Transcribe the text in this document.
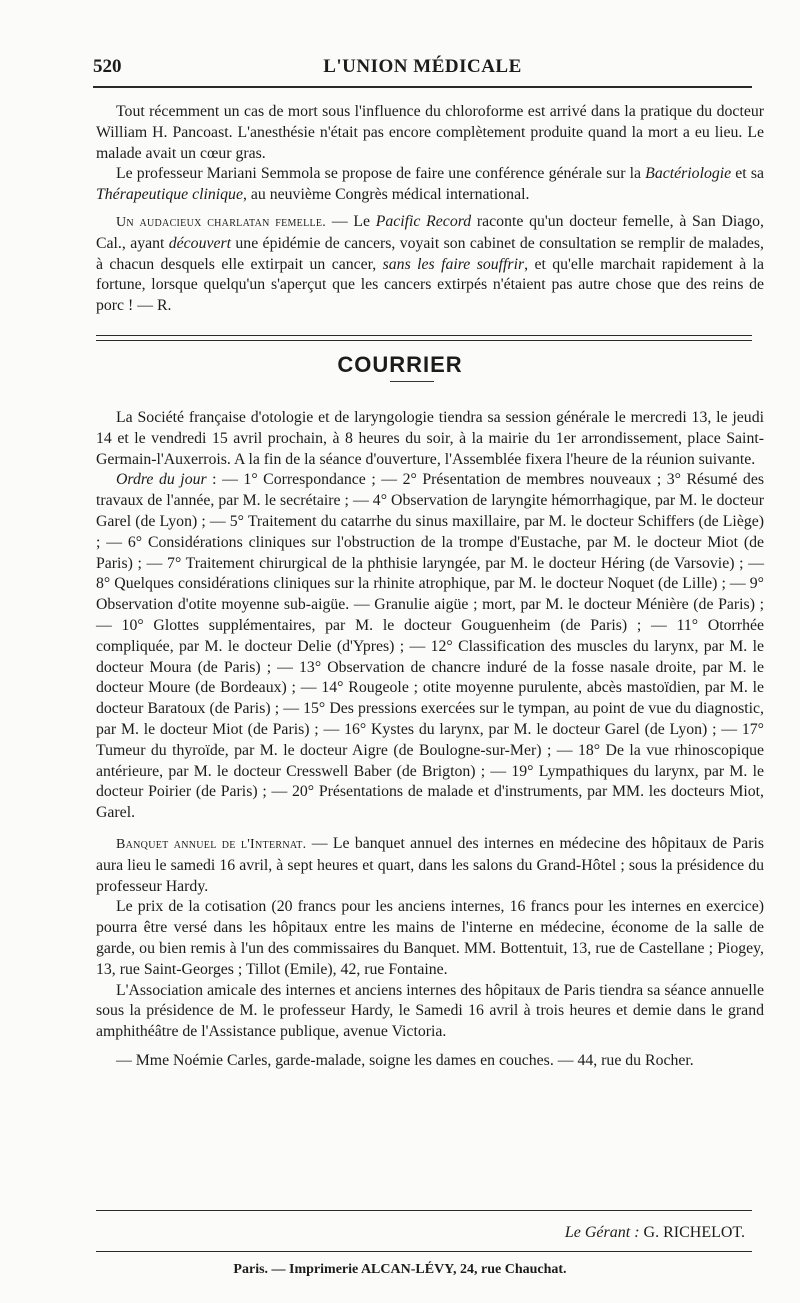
520	L'UNION MÉDICALE

Tout récemment un cas de mort sous l'influence du chloroforme est arrivé dans la pratique du docteur William H. Pancoast. L'anesthésie n'était pas encore complètement produite quand la mort a eu lieu. Le malade avait un cœur gras.

Le professeur Mariani Semmola se propose de faire une conférence générale sur la Bactériologie et sa Thérapeutique clinique, au neuvième Congrès médical international.

Un audacieux charlatan femelle. — Le Pacific Record raconte qu'un docteur femelle, à San Diago, Cal., ayant découvert une épidémie de cancers, voyait son cabinet de consultation se remplir de malades, à chacun desquels elle extirpait un cancer, sans les faire souffrir, et qu'elle marchait rapidement à la fortune, lorsque quelqu'un s'aperçut que les cancers extirpés n'étaient pas autre chose que des reins de porc ! — R.

COURRIER

La Société française d'otologie et de laryngologie tiendra sa session générale le mercredi 13, le jeudi 14 et le vendredi 15 avril prochain, à 8 heures du soir, à la mairie du 1er arrondissement, place Saint-Germain-l'Auxerrois. A la fin de la séance d'ouverture, l'Assemblée fixera l'heure de la réunion suivante.

Ordre du jour : — 1° Correspondance ; — 2° Présentation de membres nouveaux ; 3° Résumé des travaux de l'année, par M. le secrétaire ; — 4° Observation de laryngite hémorrhagique, par M. le docteur Garel (de Lyon) ; — 5° Traitement du catarrhe du sinus maxillaire, par M. le docteur Schiffers (de Liège) ; — 6° Considérations cliniques sur l'obstruction de la trompe d'Eustache, par M. le docteur Miot (de Paris) ; — 7° Traitement chirurgical de la phthisie laryngée, par M. le docteur Héring (de Varsovie) ; — 8° Quelques considérations cliniques sur la rhinite atrophique, par M. le docteur Noquet (de Lille) ; — 9° Observation d'otite moyenne sub-aigüe. — Granulie aigüe ; mort, par M. le docteur Ménière (de Paris) ; — 10° Glottes supplémentaires, par M. le docteur Gouguenheim (de Paris) ; — 11° Otorrhée compliquée, par M. le docteur Delie (d'Ypres) ; — 12° Classification des muscles du larynx, par M. le docteur Moura (de Paris) ; — 13° Observation de chancre induré de la fosse nasale droite, par M. le docteur Moure (de Bordeaux) ; — 14° Rougeole ; otite moyenne purulente, abcès mastoïdien, par M. le docteur Baratoux (de Paris) ; — 15° Des pressions exercées sur le tympan, au point de vue du diagnostic, par M. le docteur Miot (de Paris) ; — 16° Kystes du larynx, par M. le docteur Garel (de Lyon) ; — 17° Tumeur du thyroïde, par M. le docteur Aigre (de Boulogne-sur-Mer) ; — 18° De la vue rhinoscopique antérieure, par M. le docteur Cresswell Baber (de Brigton) ; — 19° Lympathiques du larynx, par M. le docteur Poirier (de Paris) ; — 20° Présentations de malade et d'instruments, par MM. les docteurs Miot, Garel.

Banquet annuel de l'Internat. — Le banquet annuel des internes en médecine des hôpitaux de Paris aura lieu le samedi 16 avril, à sept heures et quart, dans les salons du Grand-Hôtel ; sous la présidence du professeur Hardy.

Le prix de la cotisation (20 francs pour les anciens internes, 16 francs pour les internes en exercice) pourra être versé dans les hôpitaux entre les mains de l'interne en médecine, économe de la salle de garde, ou bien remis à l'un des commissaires du Banquet. MM. Bottentuit, 13, rue de Castellane ; Piogey, 13, rue Saint-Georges ; Tillot (Emile), 42, rue Fontaine.

L'Association amicale des internes et anciens internes des hôpitaux de Paris tiendra sa séance annuelle sous la présidence de M. le professeur Hardy, le Samedi 16 avril à trois heures et demie dans le grand amphithéâtre de l'Assistance publique, avenue Victoria.

— Mme Noémie Carles, garde-malade, soigne les dames en couches. — 44, rue du Rocher.

Le Gérant : G. RICHELOT.
Paris. — Imprimerie ALCAN-LÉVY, 24, rue Chauchat.
